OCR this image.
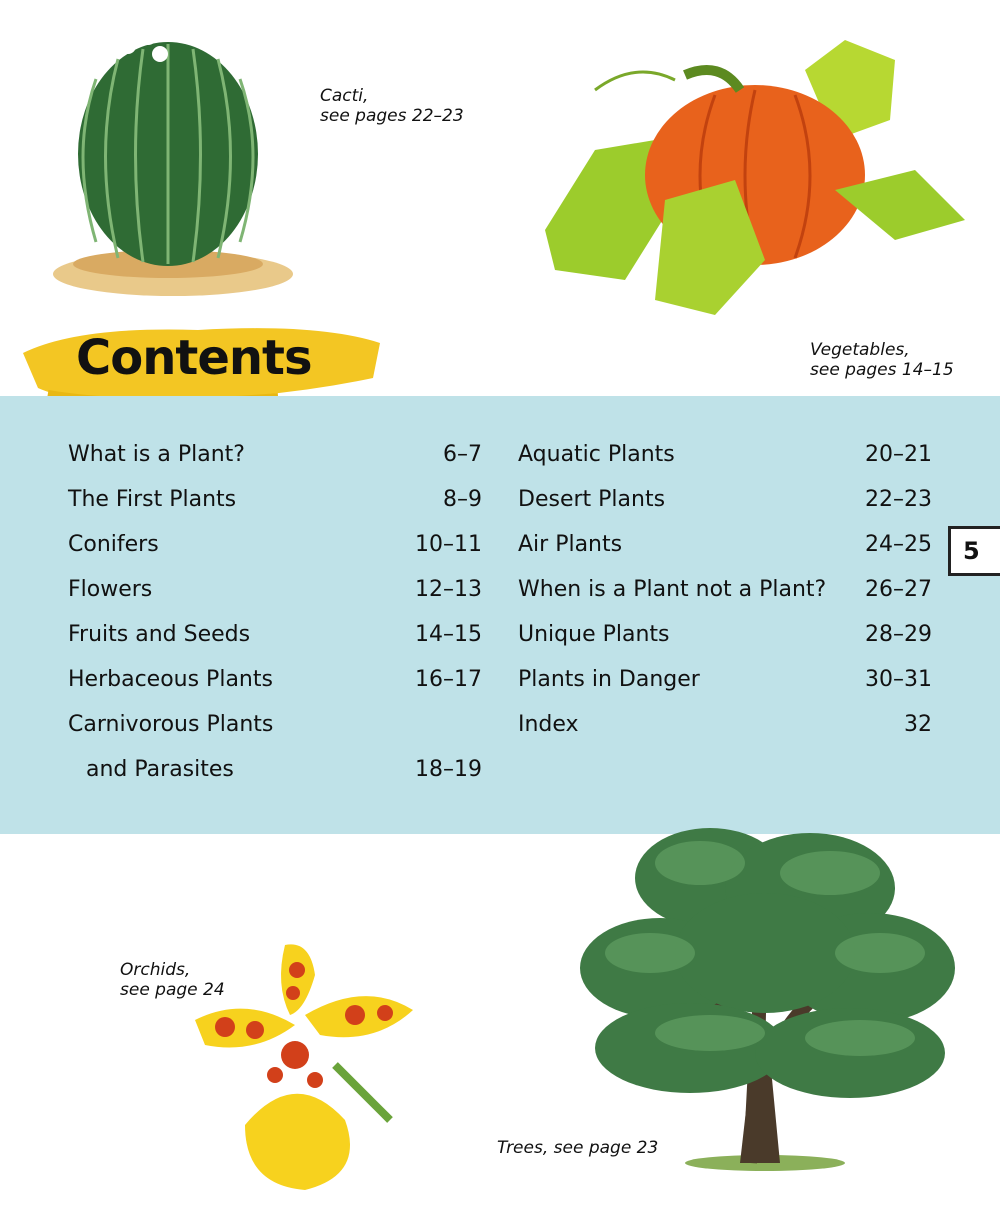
Cacti,
see pages 22–23
Vegetables,
see pages 14–15
Contents
What is a Plant?	6–7
The First Plants	8–9
Conifers	10–11
Flowers	12–13
Fruits and Seeds	14–15
Herbaceous Plants	16–17
Carnivorous Plants
and Parasites	18–19
Aquatic Plants	20–21
Desert Plants	22–23
Air Plants	24–25
When is a Plant not a Plant? 26–27
Unique Plants	28–29
Plants in Danger	30–31
Index	32
5
Orchids,
see page 24
Trees, see page 23
